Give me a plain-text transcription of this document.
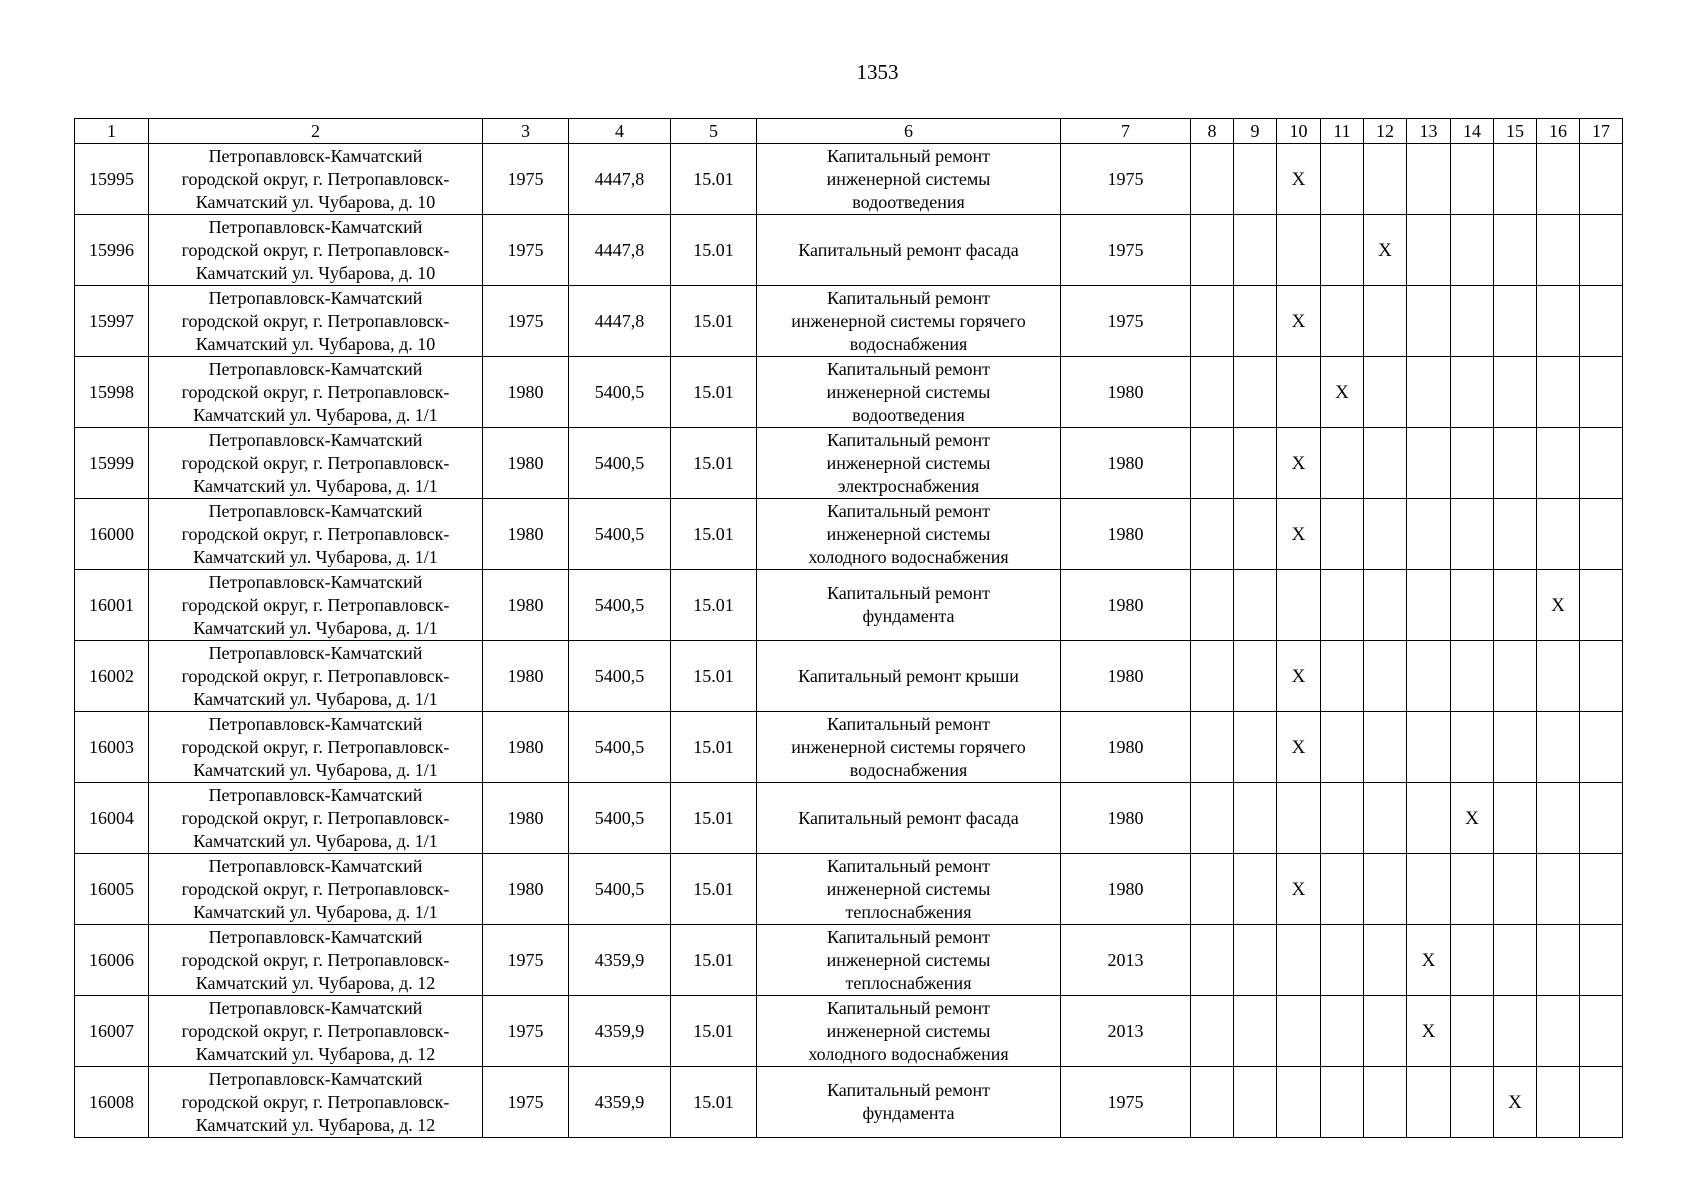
1353
1	2	3	4	5	6	7	8	9	10	11	12	13	14	15	16	17
15995	Петропавловск-Камчатский
городской округ, г. Петропавловск-
Камчатский ул. Чубарова, д. 10	1975	4447,8	15.01	Капитальный ремонт
инженерной системы
водоотведения	1975			X							
15996	Петропавловск-Камчатский
городской округ, г. Петропавловск-
Камчатский ул. Чубарова, д. 10	1975	4447,8	15.01	Капитальный ремонт фасада	1975					X					
15997	Петропавловск-Камчатский
городской округ, г. Петропавловск-
Камчатский ул. Чубарова, д. 10	1975	4447,8	15.01	Капитальный ремонт
инженерной системы горячего
водоснабжения	1975			X							
15998	Петропавловск-Камчатский
городской округ, г. Петропавловск-
Камчатский ул. Чубарова, д. 1/1	1980	5400,5	15.01	Капитальный ремонт
инженерной системы
водоотведения	1980				X						
15999	Петропавловск-Камчатский
городской округ, г. Петропавловск-
Камчатский ул. Чубарова, д. 1/1	1980	5400,5	15.01	Капитальный ремонт
инженерной системы
электроснабжения	1980			X							
16000	Петропавловск-Камчатский
городской округ, г. Петропавловск-
Камчатский ул. Чубарова, д. 1/1	1980	5400,5	15.01	Капитальный ремонт
инженерной системы
холодного водоснабжения	1980			X							
16001	Петропавловск-Камчатский
городской округ, г. Петропавловск-
Камчатский ул. Чубарова, д. 1/1	1980	5400,5	15.01	Капитальный ремонт
фундамента	1980									X	
16002	Петропавловск-Камчатский
городской округ, г. Петропавловск-
Камчатский ул. Чубарова, д. 1/1	1980	5400,5	15.01	Капитальный ремонт крыши	1980			X							
16003	Петропавловск-Камчатский
городской округ, г. Петропавловск-
Камчатский ул. Чубарова, д. 1/1	1980	5400,5	15.01	Капитальный ремонт
инженерной системы горячего
водоснабжения	1980			X							
16004	Петропавловск-Камчатский
городской округ, г. Петропавловск-
Камчатский ул. Чубарова, д. 1/1	1980	5400,5	15.01	Капитальный ремонт фасада	1980							X			
16005	Петропавловск-Камчатский
городской округ, г. Петропавловск-
Камчатский ул. Чубарова, д. 1/1	1980	5400,5	15.01	Капитальный ремонт
инженерной системы
теплоснабжения	1980			X							
16006	Петропавловск-Камчатский
городской округ, г. Петропавловск-
Камчатский ул. Чубарова, д. 12	1975	4359,9	15.01	Капитальный ремонт
инженерной системы
теплоснабжения	2013						X				
16007	Петропавловск-Камчатский
городской округ, г. Петропавловск-
Камчатский ул. Чубарова, д. 12	1975	4359,9	15.01	Капитальный ремонт
инженерной системы
холодного водоснабжения	2013						X				
16008	Петропавловск-Камчатский
городской округ, г. Петропавловск-
Камчатский ул. Чубарова, д. 12	1975	4359,9	15.01	Капитальный ремонт
фундамента	1975								X		
